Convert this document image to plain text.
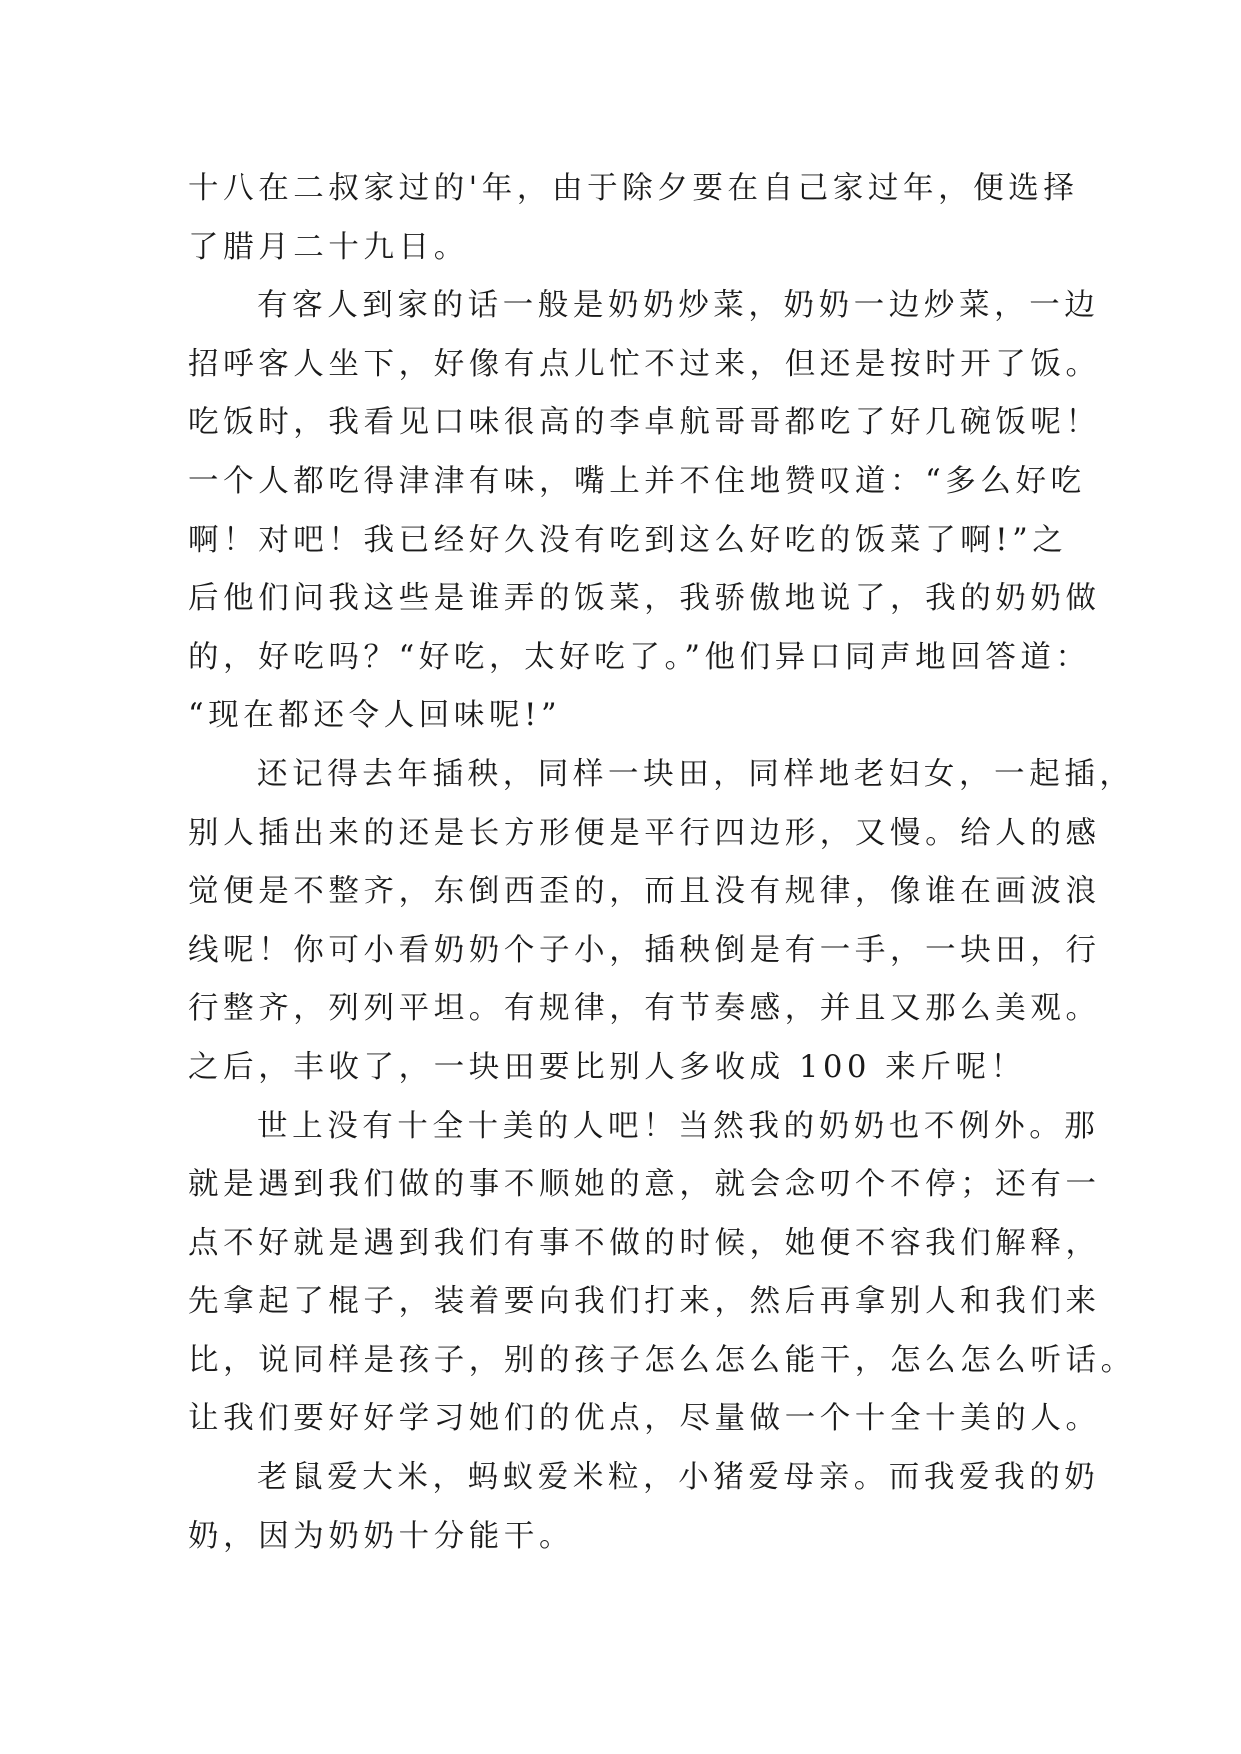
十八在二叔家过的'年，由于除夕要在自己家过年，便选择
了腊月二十九日。
有客人到家的话一般是奶奶炒菜，奶奶一边炒菜，一边
招呼客人坐下，好像有点儿忙不过来，但还是按时开了饭。
吃饭时，我看见口味很高的李卓航哥哥都吃了好几碗饭呢！
一个人都吃得津津有味，嘴上并不住地赞叹道：“多么好吃
啊！对吧！我已经好久没有吃到这么好吃的饭菜了啊!”之
后他们问我这些是谁弄的饭菜，我骄傲地说了，我的奶奶做
的，好吃吗？“好吃，太好吃了。”他们异口同声地回答道：
“现在都还令人回味呢!”
还记得去年插秧，同样一块田，同样地老妇女，一起插，
别人插出来的还是长方形便是平行四边形，又慢。给人的感
觉便是不整齐，东倒西歪的，而且没有规律，像谁在画波浪
线呢！你可小看奶奶个子小，插秧倒是有一手，一块田，行
行整齐，列列平坦。有规律，有节奏感，并且又那么美观。
之后，丰收了，一块田要比别人多收成 100 来斤呢！
世上没有十全十美的人吧！当然我的奶奶也不例外。那
就是遇到我们做的事不顺她的意，就会念叨个不停；还有一
点不好就是遇到我们有事不做的时候，她便不容我们解释，
先拿起了棍子，装着要向我们打来，然后再拿别人和我们来
比，说同样是孩子，别的孩子怎么怎么能干，怎么怎么听话。
让我们要好好学习她们的优点，尽量做一个十全十美的人。
老鼠爱大米，蚂蚁爱米粒，小猪爱母亲。而我爱我的奶
奶，因为奶奶十分能干。
